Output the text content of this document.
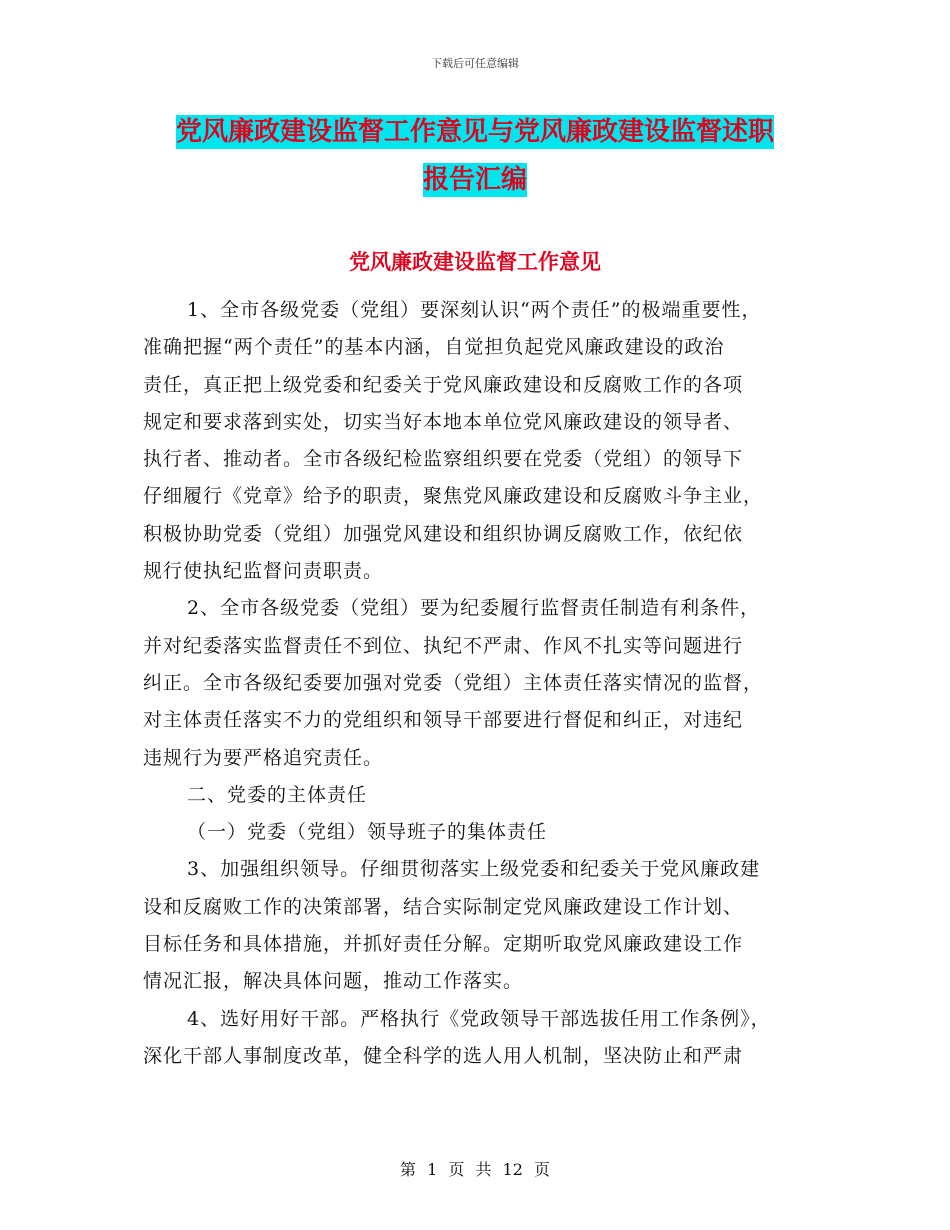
下载后可任意编辑
党风廉政建设监督工作意见与党风廉政建设监督述职
报告汇编
党风廉政建设监督工作意见
1、全市各级党委（党组）要深刻认识“两个责任”的极端重要性，
准确把握“两个责任”的基本内涵，自觉担负起党风廉政建设的政治
责任，真正把上级党委和纪委关于党风廉政建设和反腐败工作的各项
规定和要求落到实处，切实当好本地本单位党风廉政建设的领导者、
执行者、推动者。全市各级纪检监察组织要在党委（党组）的领导下
仔细履行《党章》给予的职责，聚焦党风廉政建设和反腐败斗争主业，
积极协助党委（党组）加强党风建设和组织协调反腐败工作，依纪依
规行使执纪监督问责职责。
2、全市各级党委（党组）要为纪委履行监督责任制造有利条件，
并对纪委落实监督责任不到位、执纪不严肃、作风不扎实等问题进行
纠正。全市各级纪委要加强对党委（党组）主体责任落实情况的监督，
对主体责任落实不力的党组织和领导干部要进行督促和纠正，对违纪
违规行为要严格追究责任。
二、党委的主体责任
（一）党委（党组）领导班子的集体责任
3、加强组织领导。仔细贯彻落实上级党委和纪委关于党风廉政建
设和反腐败工作的决策部署，结合实际制定党风廉政建设工作计划、
目标任务和具体措施，并抓好责任分解。定期听取党风廉政建设工作
情况汇报，解决具体问题，推动工作落实。
4、选好用好干部。严格执行《党政领导干部选拔任用工作条例》，
深化干部人事制度改革，健全科学的选人用人机制，坚决防止和严肃
第 1 页 共 12 页
